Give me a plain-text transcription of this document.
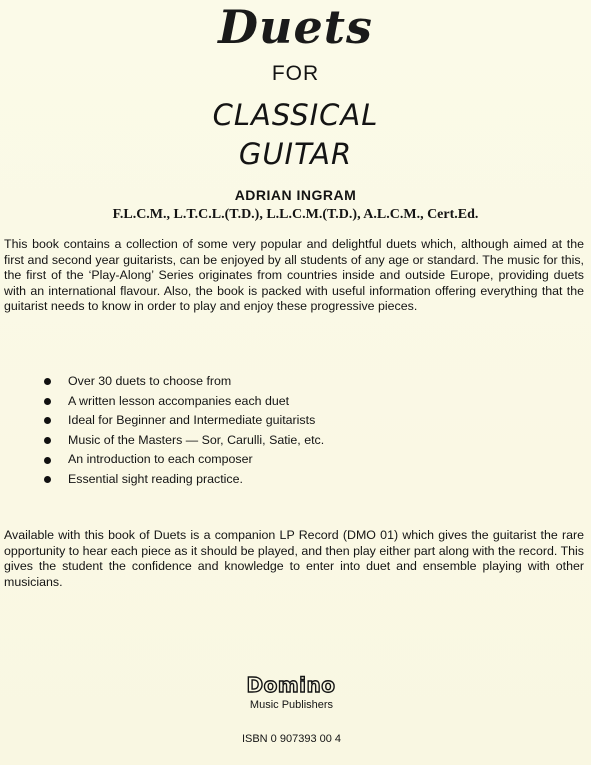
Duets
FOR
CLASSICAL
GUITAR
ADRIAN INGRAM
F.L.C.M., L.T.C.L.(T.D.), L.L.C.M.(T.D.), A.L.C.M., Cert.Ed.

This book contains a collection of some very popular and delightful duets which, although aimed at the first and second year guitarists, can be enjoyed by all students of any age or standard. The music for this, the first of the ‘Play-Along’ Series originates from countries inside and outside Europe, providing duets with an international flavour. Also, the book is packed with useful information offering everything that the guitarist needs to know in order to play and enjoy these progressive pieces.

Over 30 duets to choose from
A written lesson accompanies each duet
Ideal for Beginner and Intermediate guitarists
Music of the Masters — Sor, Carulli, Satie, etc.
An introduction to each composer
Essential sight reading practice.

Available with this book of Duets is a companion LP Record (DMO 01) which gives the guitarist the rare opportunity to hear each piece as it should be played, and then play either part along with the record. This gives the student the confidence and knowledge to enter into duet and ensemble playing with other musicians.

Domino
Music Publishers
ISBN 0 907393 00 4
